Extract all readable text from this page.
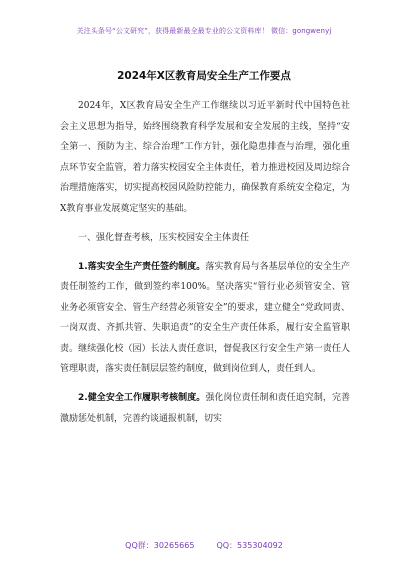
关注头条号“公文研究”，获得最新最全最专业的公文资料库！ 微信：gongwenyj
2024年X区教育局安全生产工作要点

2024年，X区教育局安全生产工作继续以习近平新时代中国特色社会主义思想为指导，始终围绕教育科学发展和安全发展的主线，坚持“安全第一、预防为主、综合治理”工作方针，强化隐患排查与治理，强化重点环节安全监管，着力落实校园安全主体责任，着力推进校园及周边综合治理措施落实，切实提高校园风险防控能力，确保教育系统安全稳定，为X教育事业发展奠定坚实的基础。

一、强化督查考核，压实校园安全主体责任

1.落实安全生产责任签约制度。落实教育局与各基层单位的安全生产责任制签约工作，做到签约率100%。坚决落实“管行业必须管安全、管业务必须管安全、管生产经营必须管安全”的要求，建立健全“党政同责、一岗双责、齐抓共管、失职追责”的安全生产责任体系，履行安全监管职责。继续强化校（园）长法人责任意识，督促我区行安全生产第一责任人管理职责，落实责任制层层签约制度，做到岗位到人，责任到人。

2.健全安全工作履职考核制度。强化岗位责任制和责任追究制，完善激励惩处机制，完善约谈通报机制，切实

QQ群：30265665	QQ：535304092
